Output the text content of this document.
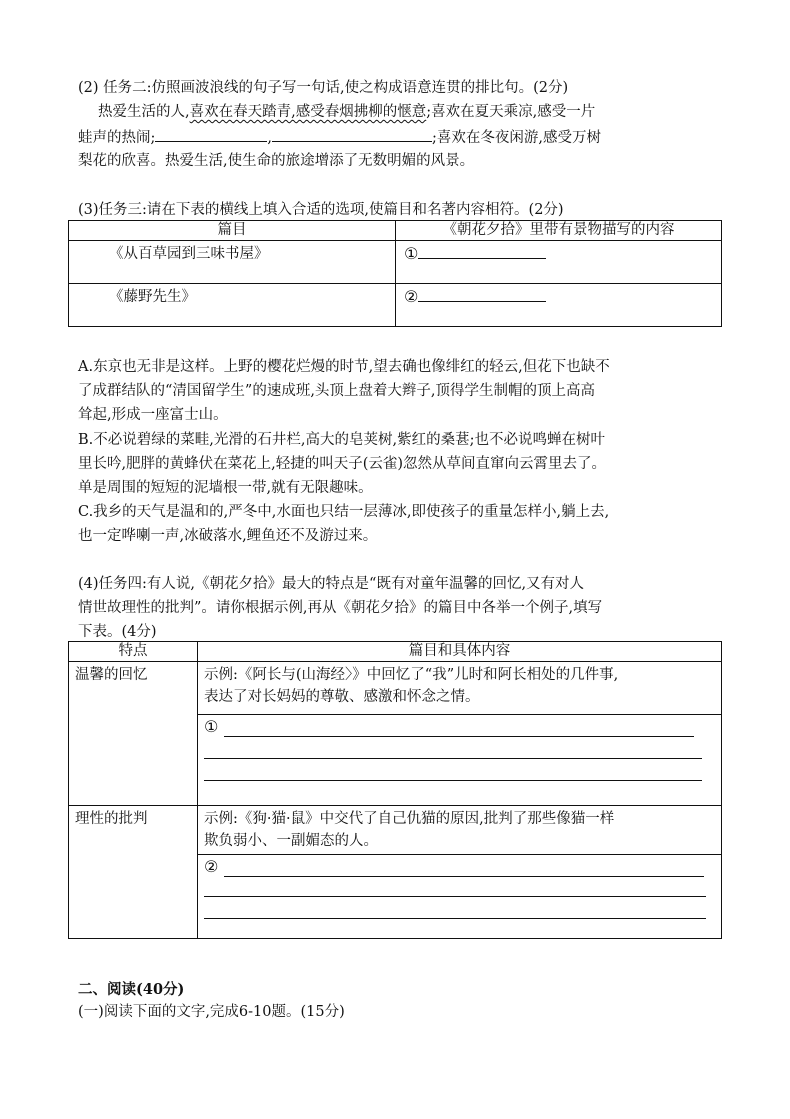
(2) 任务二:仿照画波浪线的句子写一句话,使之构成语意连贯的排比句。(2分)
热爱生活的人,喜欢在春天踏青,感受春烟拂柳的惬意;喜欢在夏天乘凉,感受一片
蛙声的热闹;	,	;喜欢在冬夜闲游,感受万树
梨花的欣喜。热爱生活,使生命的旅途增添了无数明媚的风景。
(3)任务三:请在下表的横线上填入合适的选项,使篇目和名著内容相符。(2分)
篇目	《朝花夕拾》里带有景物描写的内容
《从百草园到三味书屋》	①
《藤野先生》	②
A.东京也无非是这样。上野的樱花烂熳的时节,望去确也像绯红的轻云,但花下也缺不
了成群结队的“清国留学生”的速成班,头顶上盘着大辫子,顶得学生制帽的顶上高高
耸起,形成一座富士山。
B.不必说碧绿的菜畦,光滑的石井栏,高大的皂荚树,紫红的桑葚;也不必说鸣蝉在树叶
里长吟,肥胖的黄蜂伏在菜花上,轻捷的叫天子(云雀)忽然从草间直窜向云霄里去了。
单是周围的短短的泥墙根一带,就有无限趣味。
C.我乡的天气是温和的,严冬中,水面也只结一层薄冰,即使孩子的重量怎样小,躺上去,
也一定哗喇一声,冰破落水,鲤鱼还不及游过来。
(4)任务四:有人说,《朝花夕拾》最大的特点是“既有对童年温馨的回忆,又有对人
情世故理性的批判”。请你根据示例,再从《朝花夕拾》的篇目中各举一个例子,填写
下表。(4分)
特点	篇目和具体内容
温馨的回忆	示例:《阿长与(山海经〉》中回忆了“我”儿时和阿长相处的几件事,
表达了对长妈妈的尊敬、感激和怀念之情。

	①

理性的批判	示例:《狗·猫·鼠》中交代了自己仇猫的原因,批判了那些像猫一样
欺负弱小、一副媚态的人。

	②
二、阅读(40分)
(一)阅读下面的文字,完成6-10题。(15分)
